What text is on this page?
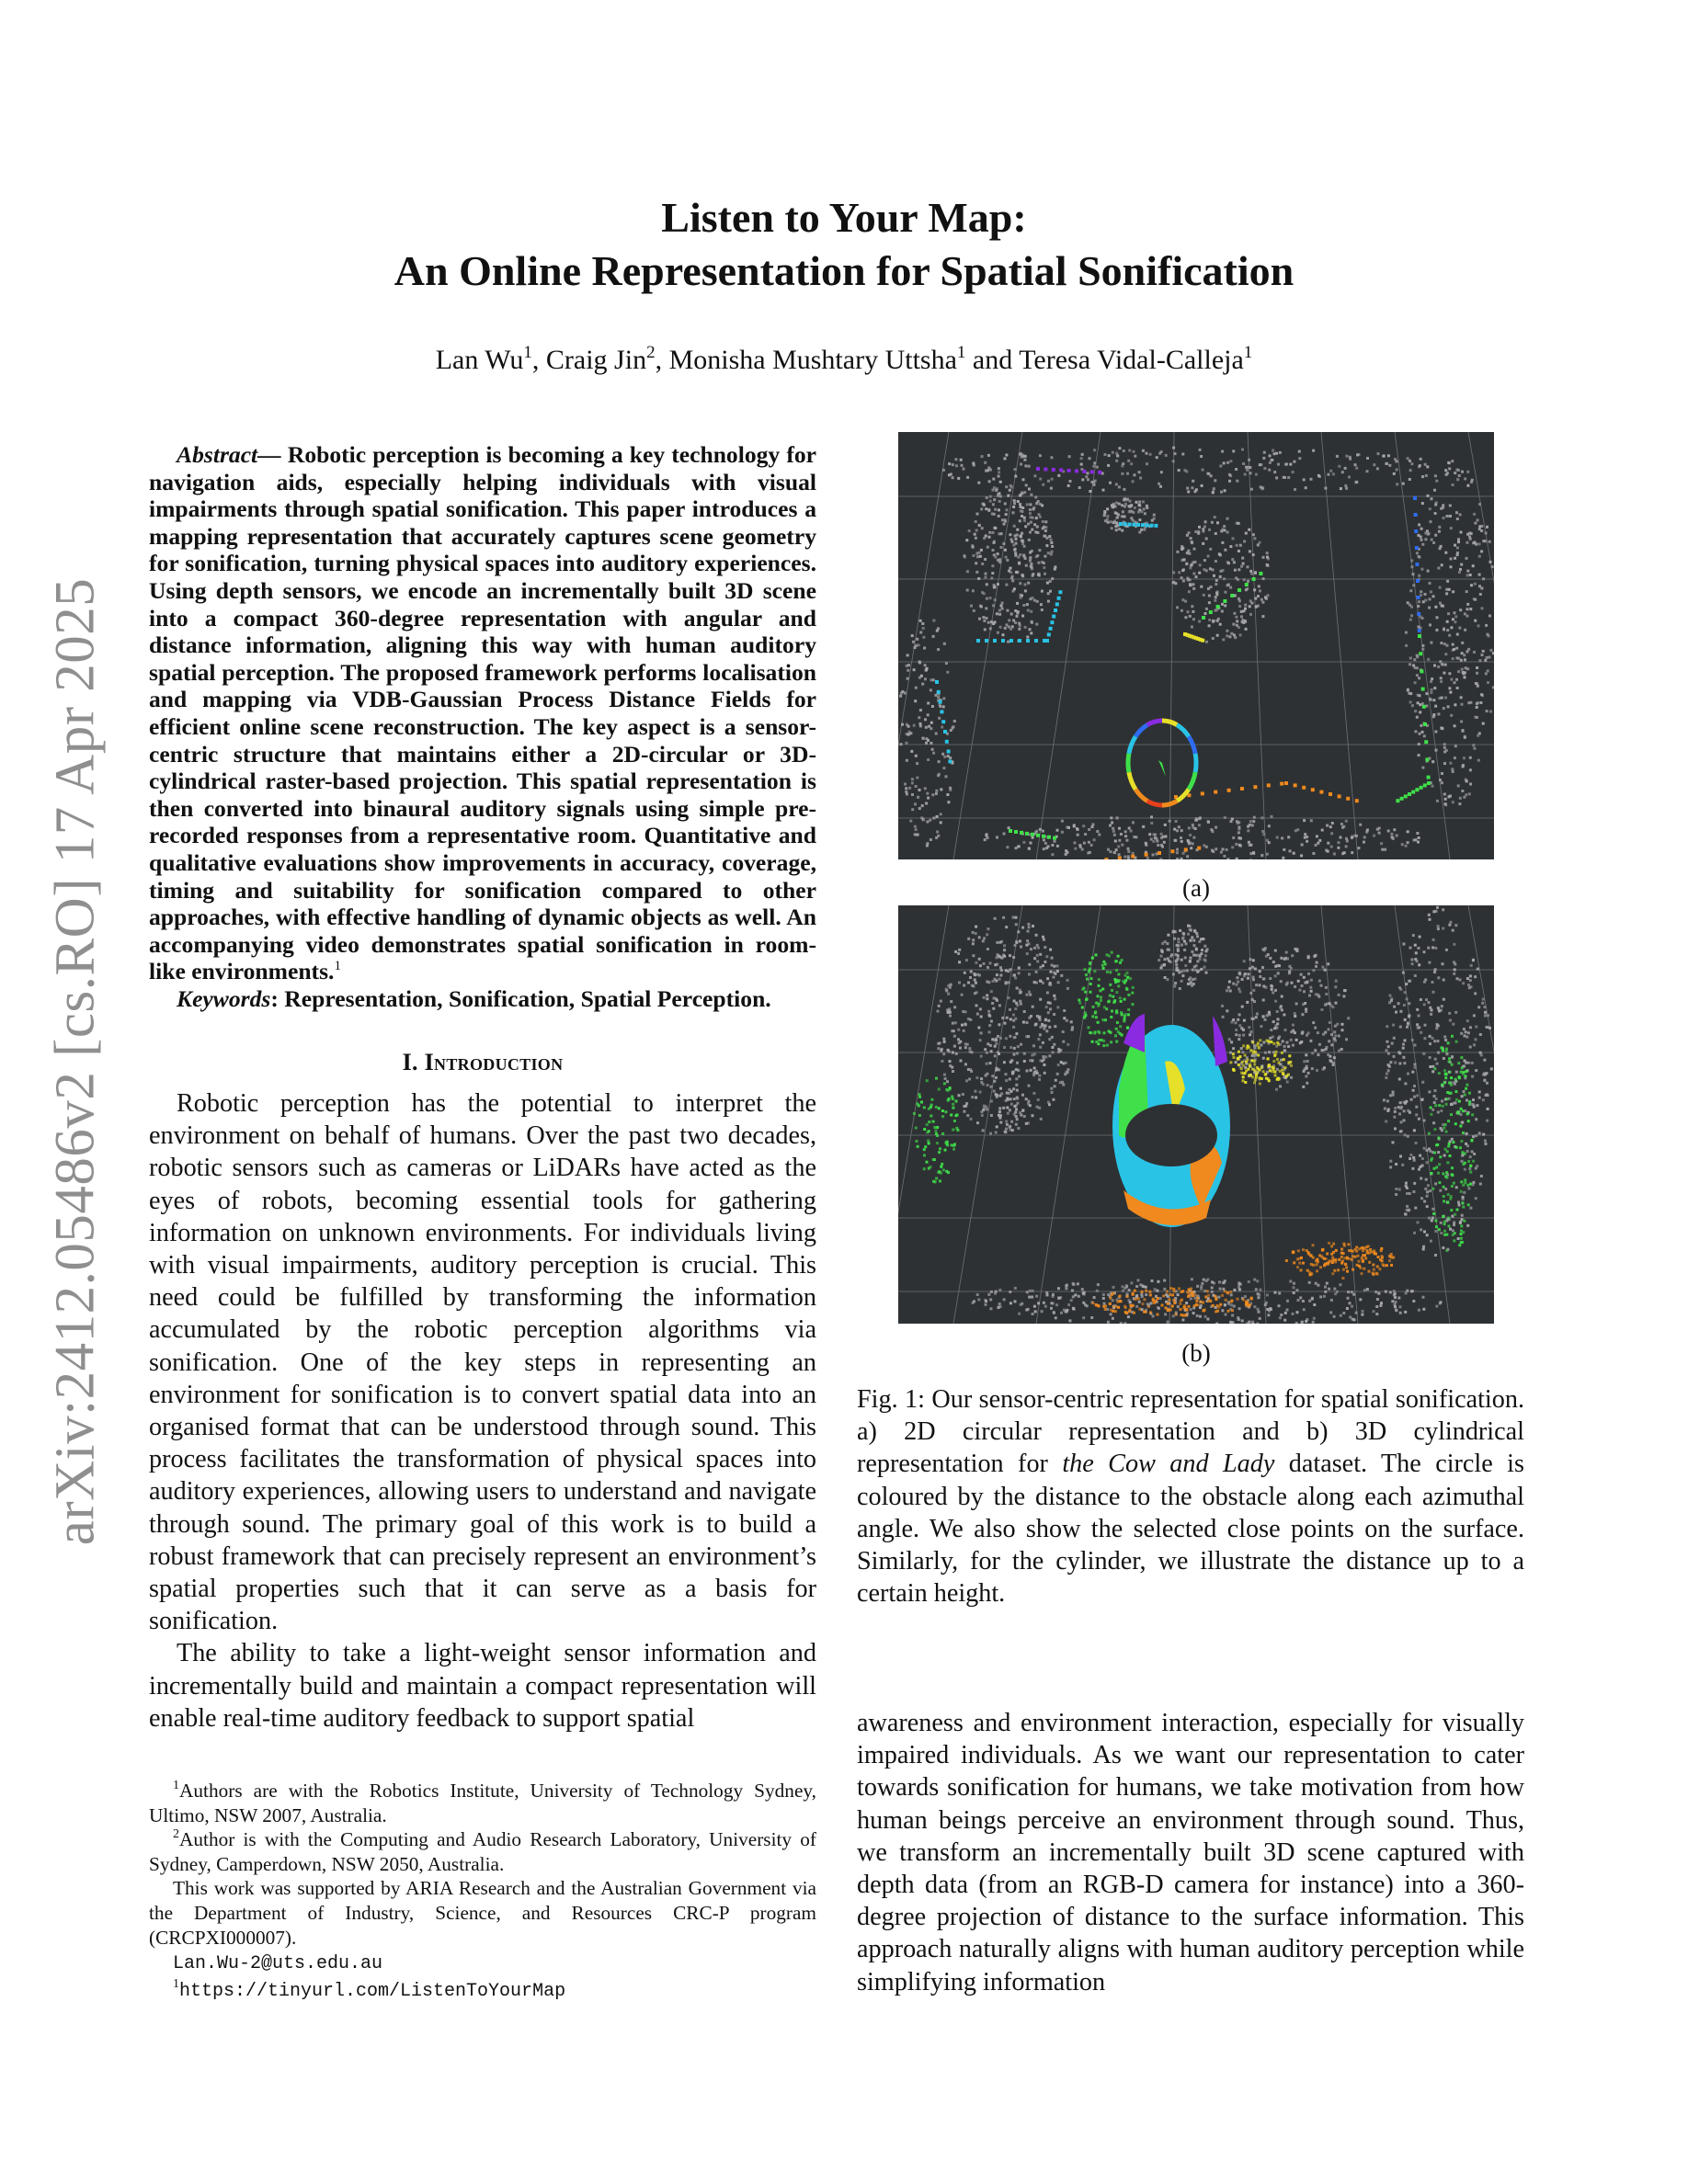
arXiv:2412.05486v2 [cs.RO] 17 Apr 2025
Listen to Your Map:
An Online Representation for Spatial Sonification
Lan Wu$^1$, Craig Jin$^2$, Monisha Mushtary Uttsha$^1$ and Teresa Vidal-Calleja$^1$

Abstract— Robotic perception is becoming a key technology for navigation aids, especially helping individuals with visual impairments through spatial sonification. This paper introduces a mapping representation that accurately captures scene geometry for sonification, turning physical spaces into auditory experiences. Using depth sensors, we encode an incrementally built 3D scene into a compact 360-degree representation with angular and distance information, aligning this way with human auditory spatial perception. The proposed framework performs localisation and mapping via VDB-Gaussian Process Distance Fields for efficient online scene reconstruction. The key aspect is a sensor-centric structure that maintains either a 2D-circular or 3D-cylindrical raster-based projection. This spatial representation is then converted into binaural auditory signals using simple pre-recorded responses from a representative room. Quantitative and qualitative evaluations show improvements in accuracy, coverage, timing and suitability for sonification compared to other approaches, with effective handling of dynamic objects as well. An accompanying video demonstrates spatial sonification in room-like environments.$^1$

Keywords: Representation, Sonification, Spatial Perception.

I. Introduction

Robotic perception has the potential to interpret the environment on behalf of humans. Over the past two decades, robotic sensors such as cameras or LiDARs have acted as the eyes of robots, becoming essential tools for gathering information on unknown environments. For individuals living with visual impairments, auditory perception is crucial. This need could be fulfilled by transforming the information accumulated by the robotic perception algorithms via sonification. One of the key steps in representing an environment for sonification is to convert spatial data into an organised format that can be understood through sound. This process facilitates the transformation of physical spaces into auditory experiences, allowing users to understand and navigate through sound. The primary goal of this work is to build a robust framework that can precisely represent an environment’s spatial properties such that it can serve as a basis for sonification.

The ability to take a light-weight sensor information and incrementally build and maintain a compact representation will enable real-time auditory feedback to support spatial

$^1$Authors are with the Robotics Institute, University of Technology Sydney, Ultimo, NSW 2007, Australia.

$^2$Author is with the Computing and Audio Research Laboratory, University of Sydney, Camperdown, NSW 2050, Australia.

This work was supported by ARIA Research and the Australian Government via the Department of Industry, Science, and Resources CRC-P program (CRCPXI000007).

Lan.Wu-2@uts.edu.au

$^1$https://tinyurl.com/ListenToYourMap

(a)
(b)

Fig. 1: Our sensor-centric representation for spatial sonification. a) 2D circular representation and b) 3D cylindrical representation for the Cow and Lady dataset. The circle is coloured by the distance to the obstacle along each azimuthal angle. We also show the selected close points on the surface. Similarly, for the cylinder, we illustrate the distance up to a certain height.

awareness and environment interaction, especially for visually impaired individuals. As we want our representation to cater towards sonification for humans, we take motivation from how human beings perceive an environment through sound. Thus, we transform an incrementally built 3D scene captured with depth data (from an RGB-D camera for instance) into a 360-degree projection of distance to the surface information. This approach naturally aligns with human auditory perception while simplifying information
